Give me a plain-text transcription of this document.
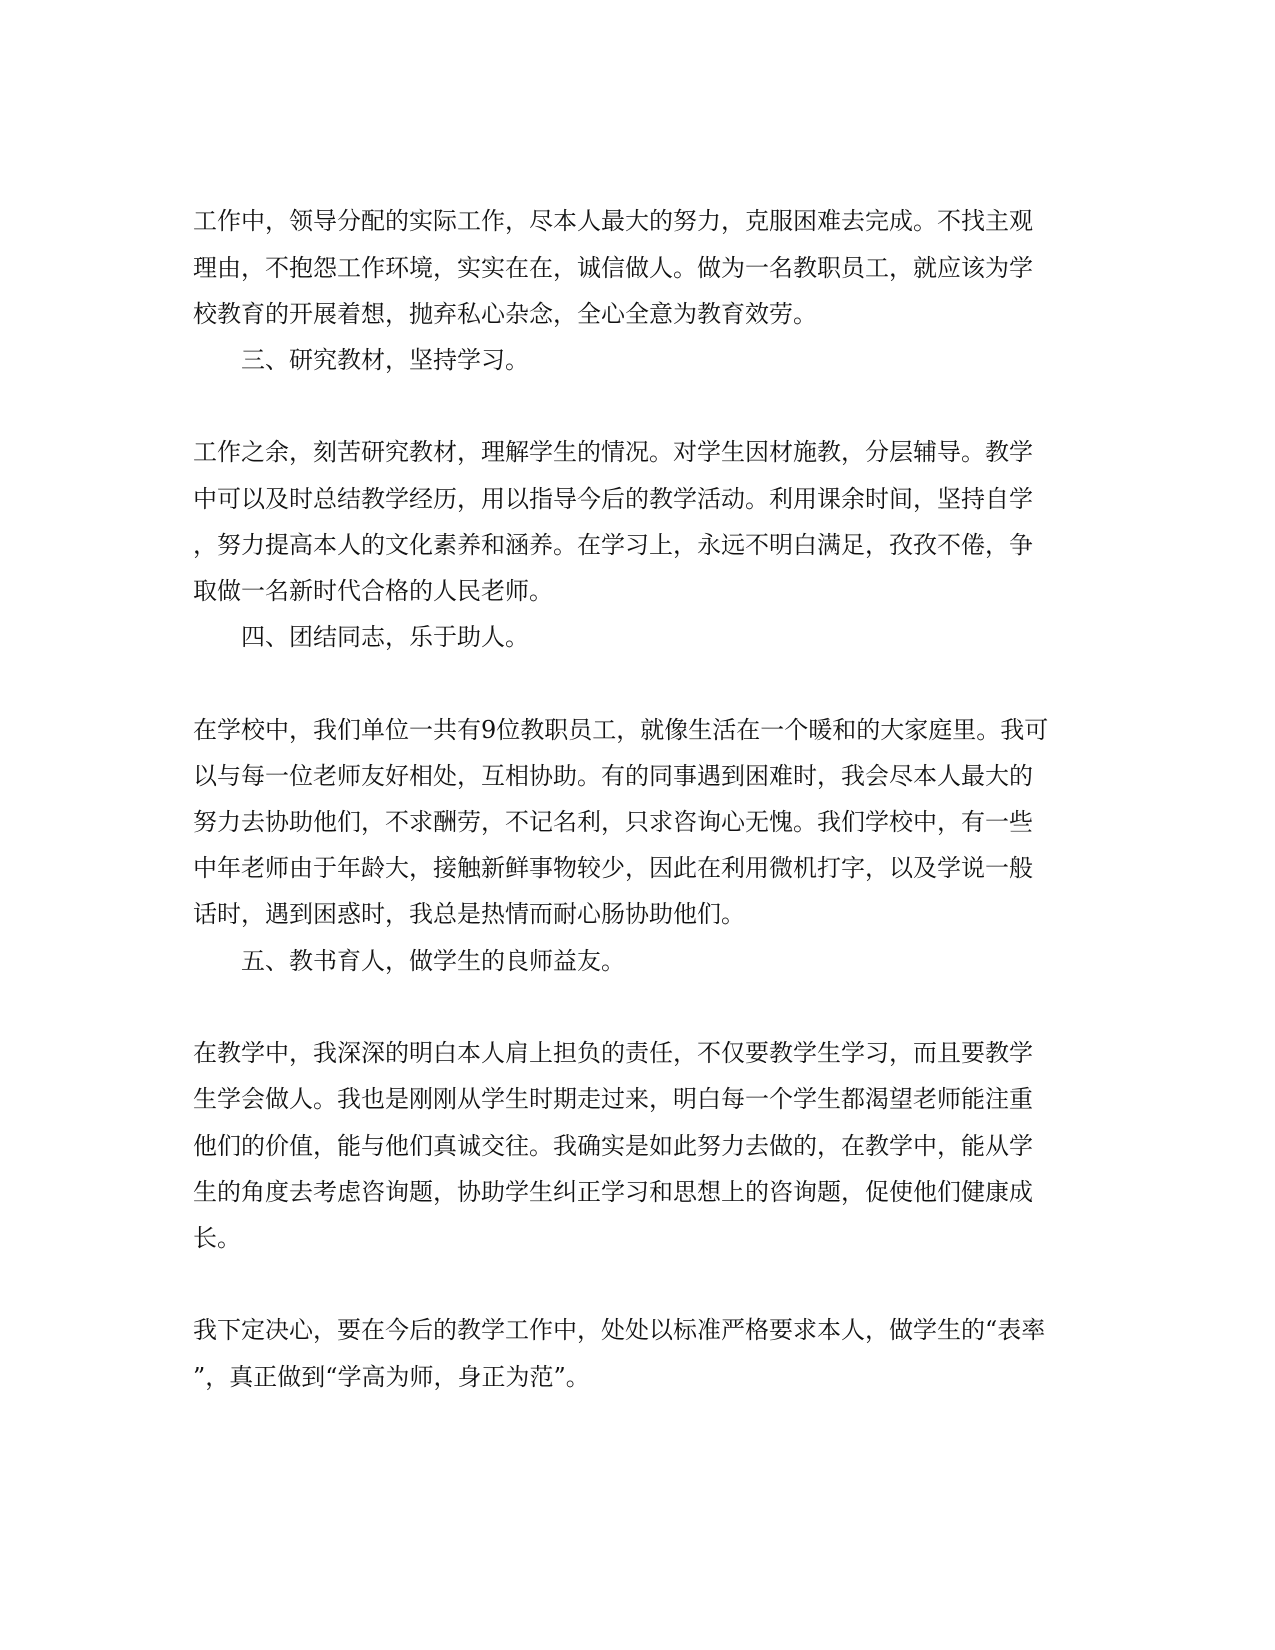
工作中，领导分配的实际工作，尽本人最大的努力，克服困难去完成。不找主观

理由，不抱怨工作环境，实实在在，诚信做人。做为一名教职员工，就应该为学

校教育的开展着想，抛弃私心杂念，全心全意为教育效劳。

三、研究教材，坚持学习。

工作之余，刻苦研究教材，理解学生的情况。对学生因材施教，分层辅导。教学

中可以及时总结教学经历，用以指导今后的教学活动。利用课余时间，坚持自学

，努力提高本人的文化素养和涵养。在学习上，永远不明白满足，孜孜不倦，争

取做一名新时代合格的人民老师。

四、团结同志，乐于助人。

在学校中，我们单位一共有9位教职员工，就像生活在一个暖和的大家庭里。我可

以与每一位老师友好相处，互相协助。有的同事遇到困难时，我会尽本人最大的

努力去协助他们，不求酬劳，不记名利，只求咨询心无愧。我们学校中，有一些

中年老师由于年龄大，接触新鲜事物较少，因此在利用微机打字，以及学说一般

话时，遇到困惑时，我总是热情而耐心肠协助他们。

五、教书育人，做学生的良师益友。

在教学中，我深深的明白本人肩上担负的责任，不仅要教学生学习，而且要教学

生学会做人。我也是刚刚从学生时期走过来，明白每一个学生都渴望老师能注重

他们的价值，能与他们真诚交往。我确实是如此努力去做的，在教学中，能从学

生的角度去考虑咨询题，协助学生纠正学习和思想上的咨询题，促使他们健康成

长。

我下定决心，要在今后的教学工作中，处处以标准严格要求本人，做学生的“表率

”，真正做到“学高为师，身正为范”。
